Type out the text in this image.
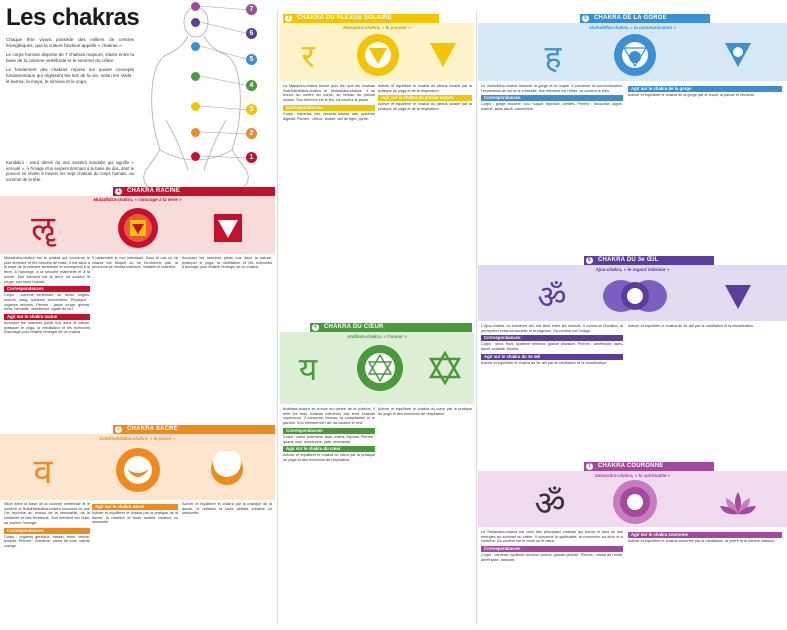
Les chakras

Chaque être vivant possède des milliers de centres énergétiques, que la culture hindoue appelle « chakras ».

Le corps humain dispose de 7 chakras majeurs, situés entre la base de la colonne vertébrale et le sommet du crâne.

Le fondement des chakras repose sur quatre concepts fondamentaux qui régissent les lois de la vie, selon les Veda : le karma, la maya, le nirvana et le yoga.

Kundalini : word dérivé du mot sanskrit kundalin qui signifie « enroulé ». À l'image d'un serpent dormant à la base du dos, dont le pouvoir se révèle à travers les sept chakras du corps humain, au sommet de la tête.
7
6
5
4
3
2
1
1	CHAKRA RACINE
Muladhâra-chakra, « l'ancrage à la terre »
ॡ

Muladhâra-chakra est le chakra qui concerne le plan terrestre et les besoins de base. Il est situé à la base de la colonne vertébrale et correspond à la terre, à l'ancrage, à la sécurité matérielle et à la survie. Son élément est la terre, sa couleur le rouge, son sens l'odorat.

Correspondances

Corps : colonne vertébrale, os, dents, ongles, rectum, sang, système immunitaire. Physique : organes sexuels. Pierres : jaspe rouge, grenat, rubis, hématite, obsidienne, agate de feu.

Agir sur le chakra racine

Accepter les marches pieds nus dans la nature, pratiquer le yoga, la méditation et les exercices d'ancrage pour rétablir l'énergie de ce chakra.

Il rassemble le moi individuel. Sous le cas où ce chakra est bloqué ou ne fonctionne pas, la personne se sentira insécure, instable et craintive.

Accepter les marches pieds nus dans la nature, pratiquer le yoga, la méditation et les exercices d'ancrage pour rétablir l'énergie de ce chakra.

2	CHAKRA SACRÉ
Svâdhishthâna-chakra, « le plaisir »
व

Situé entre la base de la colonne vertébrale et le nombril, le Svâdhishthâna-chakra concerne ce que l'on éprouve au niveau de la sensualité, de la créativité et des émotions. Son élément est l'eau, sa couleur l'orange.

Correspondances

Corps : organes génitaux, bassin, reins, vessie, lymphe. Pierres : cornaline, pierre de lune, calcite orange.

Agir sur le chakra sacré

Activer et équilibrer le chakra par la pratique de la danse, la natation et toute activité créative ou sensuelle.

Activer et équilibrer le chakra par la pratique de la danse, la natation et toute activité créative ou sensuelle.

3	CHAKRA DU PLEXUS SOLAIRE
Manipûra-chakra, « le pouvoir »
र

Le Manipûra-chakra trouve plus loin que les chakras Svâdhishthâna-chakra et Muladhâra-chakra. Il se trouve au centre du corps, au niveau du plexus solaire. Son élément est le feu, sa couleur le jaune.

Correspondances

Corps : estomac, foie, vésicule biliaire, rate, système digestif. Pierres : citrine, ambre, œil de tigre, pyrite.

Activer et équilibrer le chakra du plexus solaire par la pratique du yoga et de la respiration.

Agir sur le chakra du plexus solaire

Activer et équilibrer le chakra du plexus solaire par la pratique du yoga et de la respiration.

4	CHAKRA DU CŒUR
Anâhata-chakra, « l'amour »
य

Anâhata-chakra se trouve au centre de la poitrine, il relie les trois chakras inférieurs aux trois chakras supérieurs. Il concerne l'amour, la compassion et le pardon. Son élément est l'air, sa couleur le vert.

Correspondances

Corps : cœur, poumons, bras, mains, thymus. Pierres : quartz rose, aventurine, jade, émeraude.

Agir sur le chakra du cœur

Activer et équilibrer le chakra du cœur par la pratique du yoga et des exercices de respiration.

Activer et équilibrer le chakra du cœur par la pratique du yoga et des exercices de respiration.

5	CHAKRA DE LA GORGE
Vishuddha-chakra, « la communication »
ह

Le Vishuddha-chakra traverse la gorge et la nuque. Il concerne la communication, l'expression de soi et la créativité. Son élément est l'éther, sa couleur le bleu.

Correspondances

Corps : gorge, bouche, cou, nuque, thyroïde, oreilles. Pierres : turquoise, aigue-marine, lapis-lazuli, calcédoine.

Agir sur le chakra de la gorge

Activer et équilibrer le chakra de la gorge par le chant, la parole et l'écriture.

6	CHAKRA DU 3e ŒIL
Ajna-chakra, « le regard intérieur »
ॐ

L'Ajna-chakra, ou troisième œil, est situé entre les sourcils. Il concerne l'intuition, la perception extra-sensorielle et la sagesse. Sa couleur est l'indigo.

Correspondances

Corps : yeux, front, système nerveux, glande pituitaire. Pierres : améthyste, lapis-lazuli, sodalite, fluorite.

Agir sur le chakra du 3e œil

Activer et équilibrer le chakra du 3e œil par la méditation et la visualisation.

Activer et équilibrer le chakra du 3e œil par la méditation et la visualisation.

7	CHAKRA COURONNE
Sahasrâra-chakra, « la spiritualité »
ॐ

Le Sahasrâra-chakra est celui des principaux chakras qui trouve le plus de ses énergies au sommet du crâne. Il concerne la spiritualité, la connexion au divin et à l'univers. Sa couleur est le violet ou le blanc.

Correspondances

Corps : cerveau, système nerveux central, glande pinéale. Pierres : cristal de roche, améthyste, diamant.

Agir sur le chakra couronne

Activer et équilibrer le chakra couronne par la méditation, la prière et le silence intérieur.
